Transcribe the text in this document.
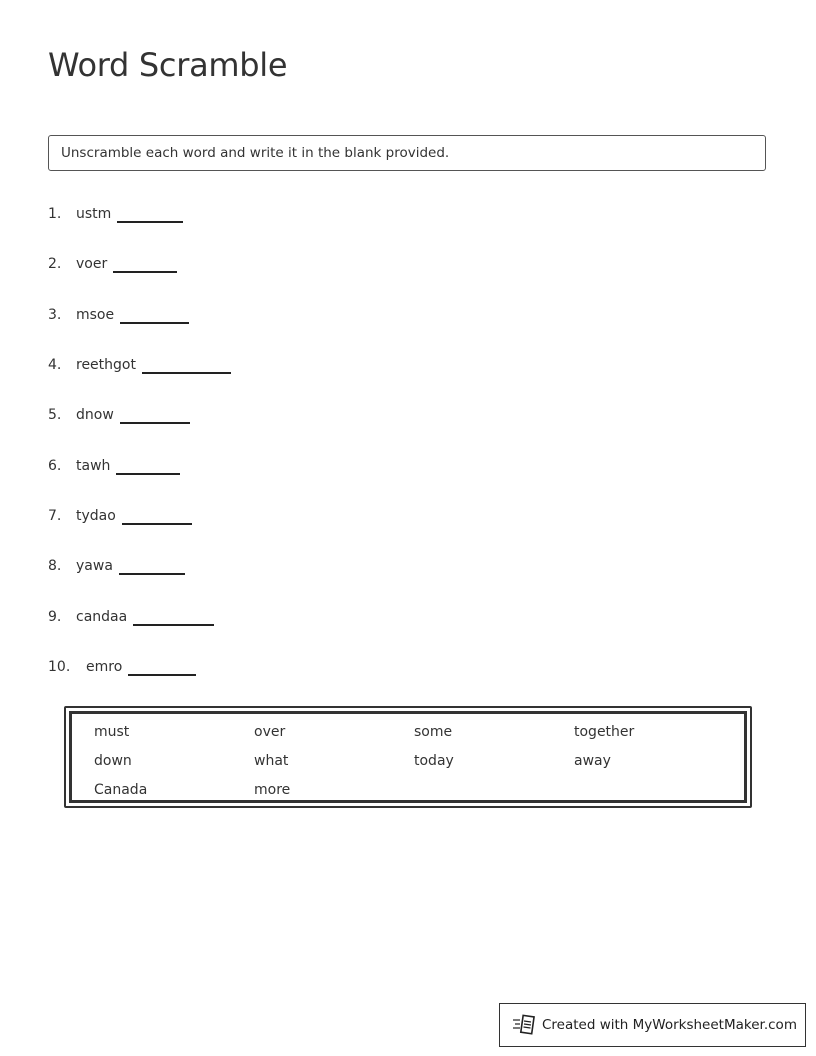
Word Scramble
Unscramble each word and write it in the blank provided.
1.	ustm
2.	voer
3.	msoe
4.	reethgot
5.	dnow
6.	tawh
7.	tydao
8.	yawa
9.	candaa
10.	emro
must	over	some	together
down	what	today	away
Canada	more
Created with MyWorksheetMaker.com
